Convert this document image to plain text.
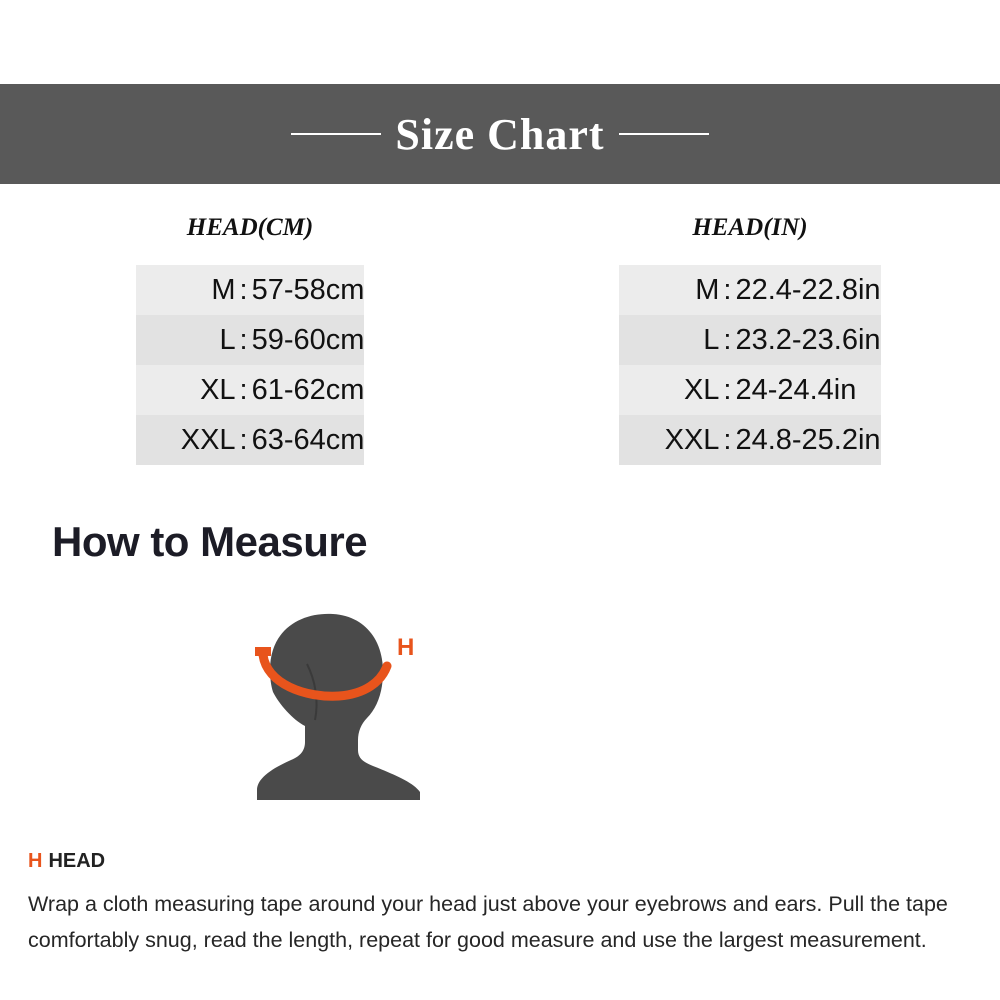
Size Chart
HEAD(CM)
M	:	57-58cm
L	:	59-60cm
XL	:	61-62cm
XXL	:	63-64cm
HEAD(IN)
M	:	22.4-22.8in
L	:	23.2-23.6in
XL	:	24-24.4in
XXL	:	24.8-25.2in
How to Measure
H
H HEAD
Wrap a cloth measuring tape around your head just above your eyebrows and ears. Pull the tape comfortably snug, read the length, repeat for good measure and use the largest measurement.
